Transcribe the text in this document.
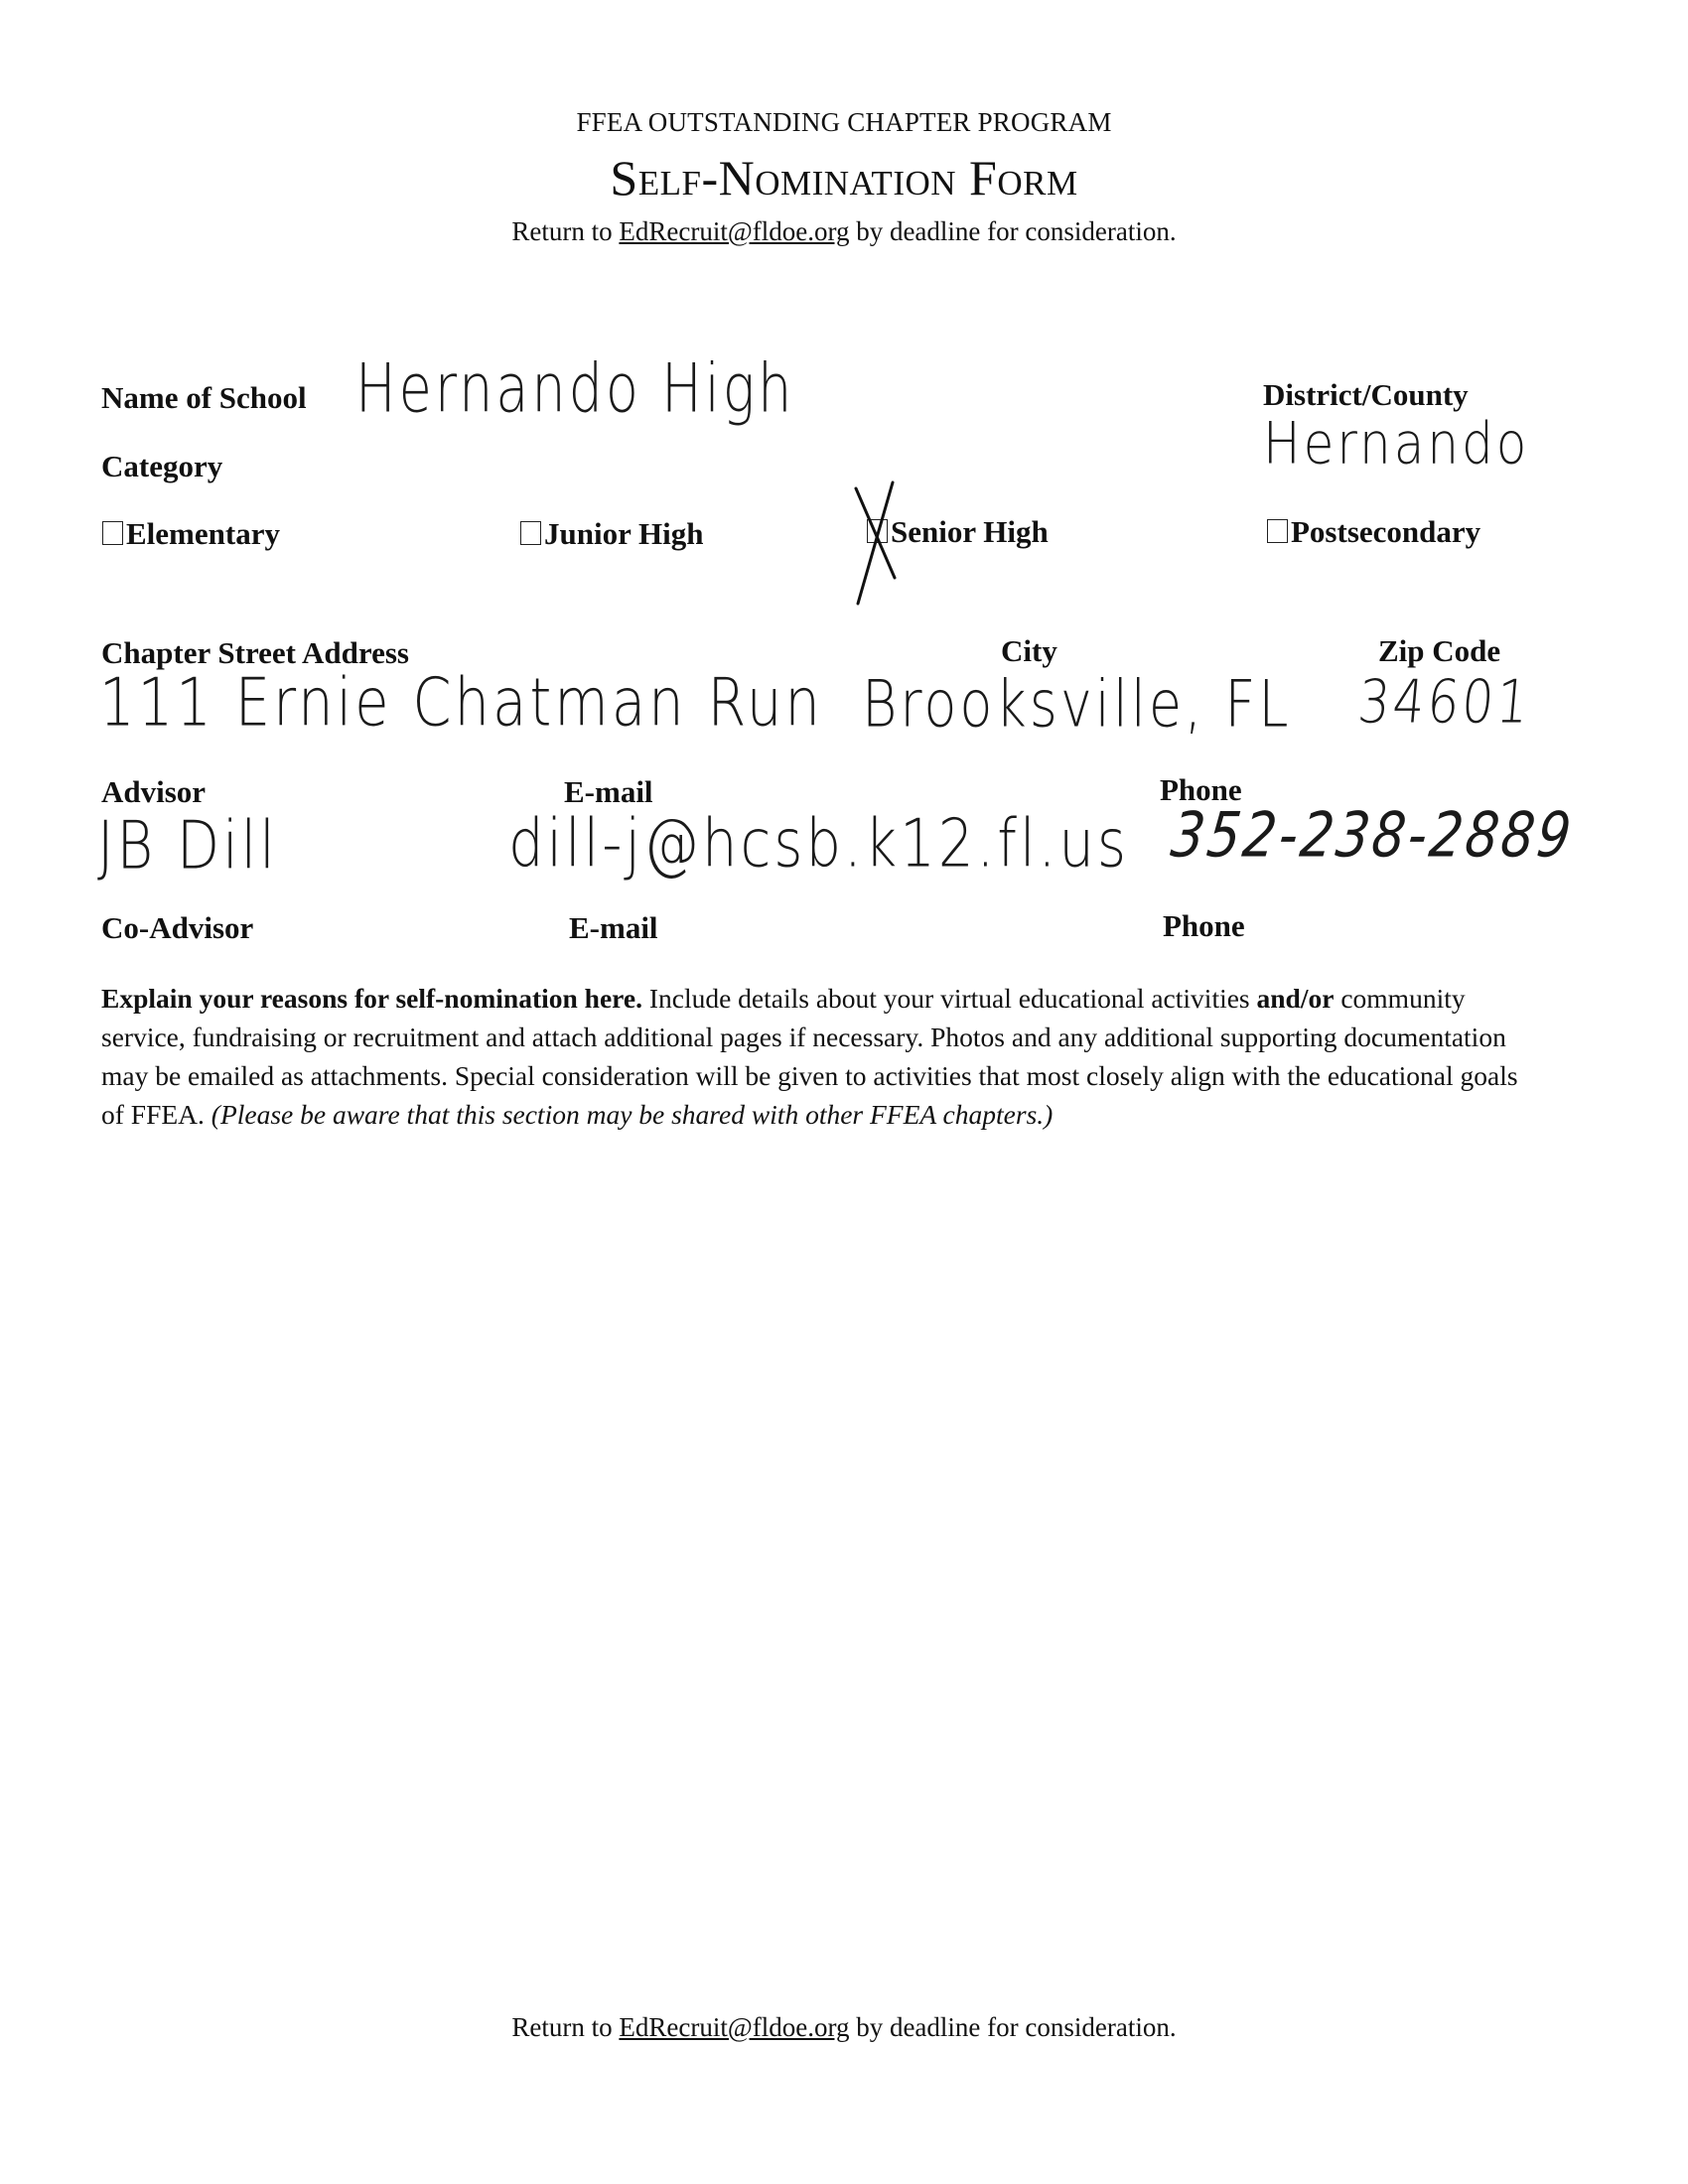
FFEA OUTSTANDING CHAPTER PROGRAM
Self-Nomination Form
Return to EdRecruit@fldoe.org by deadline for consideration.
Name of School Hernando High	District/County
Hernando
Category
Elementary	Junior High	Senior High	Postsecondary
Chapter Street Address
111 Ernie Chatman Run
City
Brooksville, FL
Zip Code
34601
Advisor
JB Dill
E-mail
dill-j@hcsb.k12.fl.us
Phone
352-238-2889
Co-Advisor	E-mail	Phone
Explain your reasons for self-nomination here. Include details about your virtual educational activities and/or community service, fundraising or recruitment and attach additional pages if necessary. Photos and any additional supporting documentation may be emailed as attachments. Special consideration will be given to activities that most closely align with the educational goals of FFEA. (Please be aware that this section may be shared with other FFEA chapters.)
Return to EdRecruit@fldoe.org by deadline for consideration.
